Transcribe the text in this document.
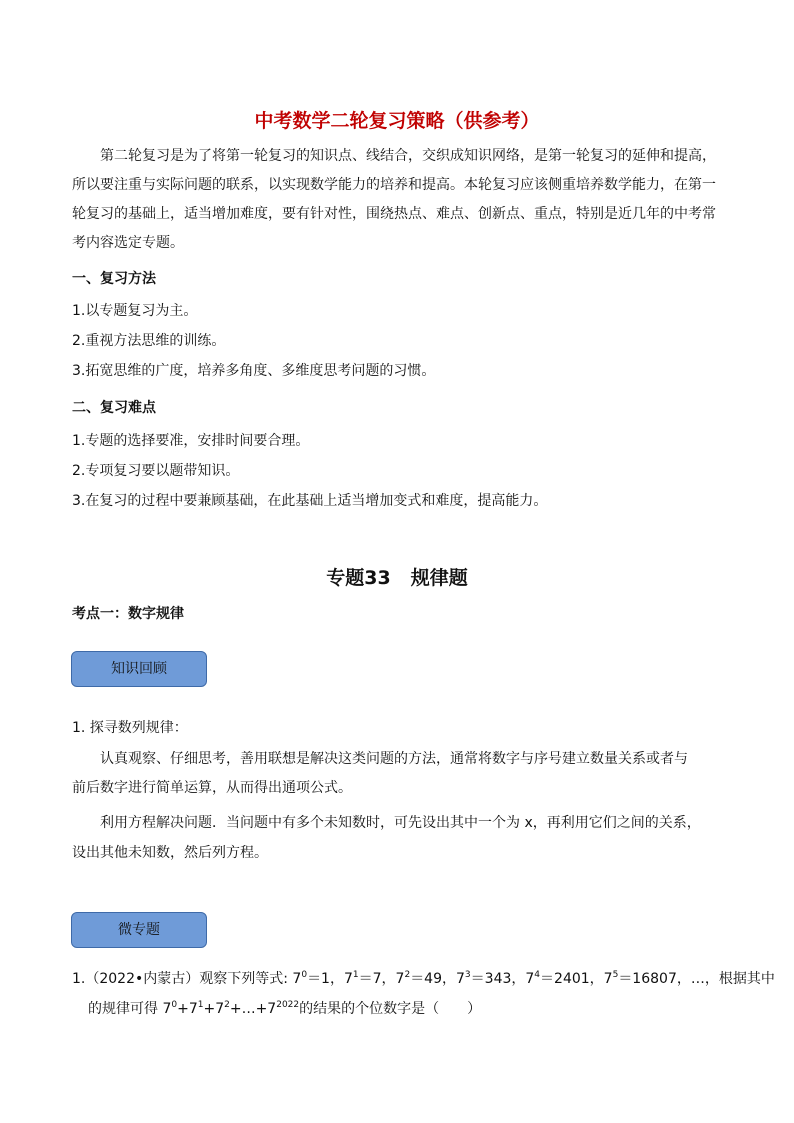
中考数学二轮复习策略（供参考）
第二轮复习是为了将第一轮复习的知识点、线结合，交织成知识网络，是第一轮复习的延伸和提高，
所以要注重与实际问题的联系，以实现数学能力的培养和提高。本轮复习应该侧重培养数学能力，在第一
轮复习的基础上，适当增加难度，要有针对性，围绕热点、难点、创新点、重点，特别是近几年的中考常
考内容选定专题。
一、复习方法
1.以专题复习为主。
2.重视方法思维的训练。
3.拓宽思维的广度，培养多角度、多维度思考问题的习惯。
二、复习难点
1.专题的选择要准，安排时间要合理。
2.专项复习要以题带知识。
3.在复习的过程中要兼顾基础，在此基础上适当增加变式和难度，提高能力。
专题33 规律题
考点一：数字规律
知识回顾
1. 探寻数列规律：
认真观察、仔细思考，善用联想是解决这类问题的方法，通常将数字与序号建立数量关系或者与
前后数字进行简单运算，从而得出通项公式。
利用方程解决问题．当问题中有多个未知数时，可先设出其中一个为 x，再利用它们之间的关系，
设出其他未知数，然后列方程。
微专题
1.（2022•内蒙古）观察下列等式: $7^0=1$，$7^1=7$，$7^2=49$，$7^3=343$，$7^4=2401$，$7^5=16807$，…，根据其中
的规律可得 $7^0+7^1+7^2+\dots+7^{2022}$的结果的个位数字是（　　）
